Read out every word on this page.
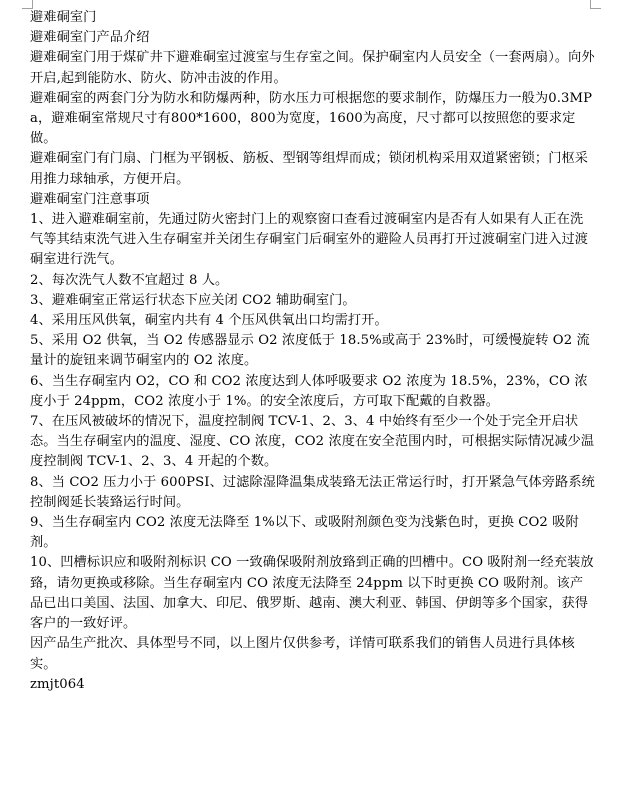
避难硐室门

避难硐室门产品介绍

避难硐室门用于煤矿井下避难硐室过渡室与生存室之间。保护硐室内人员安全（一套两扇）。向外开启,起到能防水、防火、防冲击波的作用。

避难硐室的两套门分为防水和防爆两种，防水压力可根据您的要求制作，防爆压力一般为0.3MPa，避难硐室常规尺寸有800*1600，800为宽度，1600为高度，尺寸都可以按照您的要求定做。

避难硐室门有门扇、门框为平钢板、筋板、型钢等组焊而成；锁闭机构采用双道紧密锁；门枢采用推力球轴承，方便开启。

避难硐室门注意事项

1、进入避难硐室前，先通过防火密封门上的观察窗口查看过渡硐室内是否有人如果有人正在洗气等其结束洗气进入生存硐室并关闭生存硐室门后硐室外的避险人员再打开过渡硐室门进入过渡硐室进行洗气。

2、每次洗气人数不宜超过 8 人。

3、避难硐室正常运行状态下应关闭 CO2 辅助硐室门。

4、采用压风供氧，硐室内共有 4 个压风供氧出口均需打开。

5、采用 O2 供氧，当 O2 传感器显示 O2 浓度低于 18.5%或高于 23%时，可缓慢旋转 O2 流量计的旋钮来调节硐室内的 O2 浓度。

6、当生存硐室内 O2，CO 和 CO2 浓度达到人体呼吸要求 O2 浓度为 18.5%，23%，CO 浓度小于 24ppm，CO2 浓度小于 1%。的安全浓度后，方可取下配戴的自救器。

7、在压风被破坏的情况下，温度控制阀 TCV-1、2、3、4 中始终有至少一个处于完全开启状态。当生存硐室内的温度、湿度、CO 浓度，CO2 浓度在安全范围内时，可根据实际情况减少温度控制阀 TCV-1、2、3、4 开起的个数。

8、当 CO2 压力小于 600PSI、过滤除湿降温集成装臵无法正常运行时，打开紧急气体旁路系统控制阀延长装臵运行时间。

9、当生存硐室内 CO2 浓度无法降至 1%以下、或吸附剂颜色变为浅紫色时，更换 CO2 吸附剂。

10、凹槽标识应和吸附剂标识 CO 一致确保吸附剂放臵到正确的凹槽中。CO 吸附剂一经充装放臵，请勿更换或移除。当生存硐室内 CO 浓度无法降至 24ppm 以下时更换 CO 吸附剂。该产品已出口美国、法国、加拿大、印尼、俄罗斯、越南、澳大利亚、韩国、伊朗等多个国家，获得客户的一致好评。

因产品生产批次、具体型号不同，以上图片仅供参考，详情可联系我们的销售人员进行具体核实。

zmjt064
